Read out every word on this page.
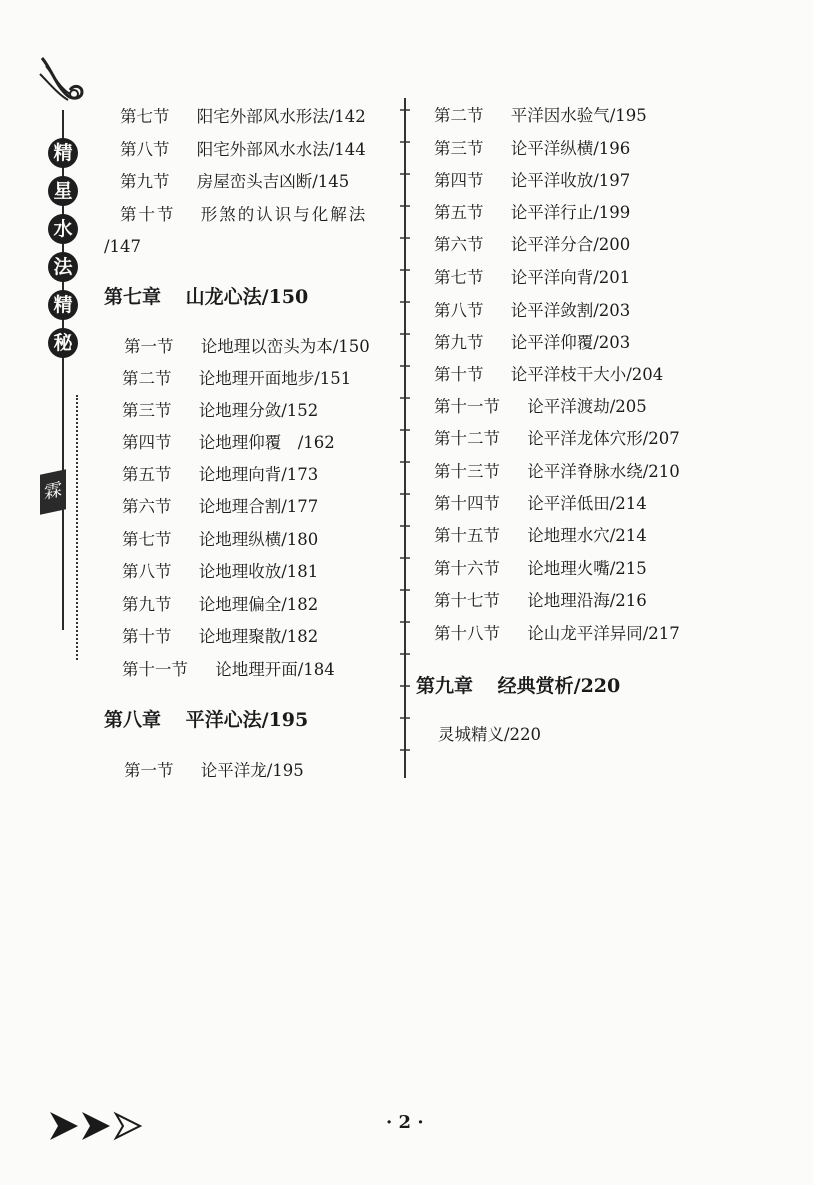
精
星
水
法
精
秘
霖
第七节 阳宅外部风水形法/142
第八节 阳宅外部风水水法/144
第九节 房屋峦头吉凶断/145
第十节 形煞的认识与化解法
/147
第七章 山龙心法/150
第一节 论地理以峦头为本/150
第二节 论地理开面地步/151
第三节 论地理分敛/152
第四节 论地理仰覆　/162
第五节 论地理向背/173
第六节 论地理合割/177
第七节 论地理纵横/180
第八节 论地理收放/181
第九节 论地理偏全/182
第十节 论地理聚散/182
第十一节 论地理开面/184
第八章 平洋心法/195
第一节 论平洋龙/195
第二节 平洋因水验气/195
第三节 论平洋纵横/196
第四节 论平洋收放/197
第五节 论平洋行止/199
第六节 论平洋分合/200
第七节 论平洋向背/201
第八节 论平洋敛割/203
第九节 论平洋仰覆/203
第十节 论平洋枝干大小/204
第十一节 论平洋渡劫/205
第十二节 论平洋龙体穴形/207
第十三节 论平洋脊脉水绕/210
第十四节 论平洋低田/214
第十五节 论地理水穴/214
第十六节 论地理火嘴/215
第十七节 论地理沿海/216
第十八节 论山龙平洋异同/217
第九章 经典赏析/220
灵城精义/220
· 2 ·
